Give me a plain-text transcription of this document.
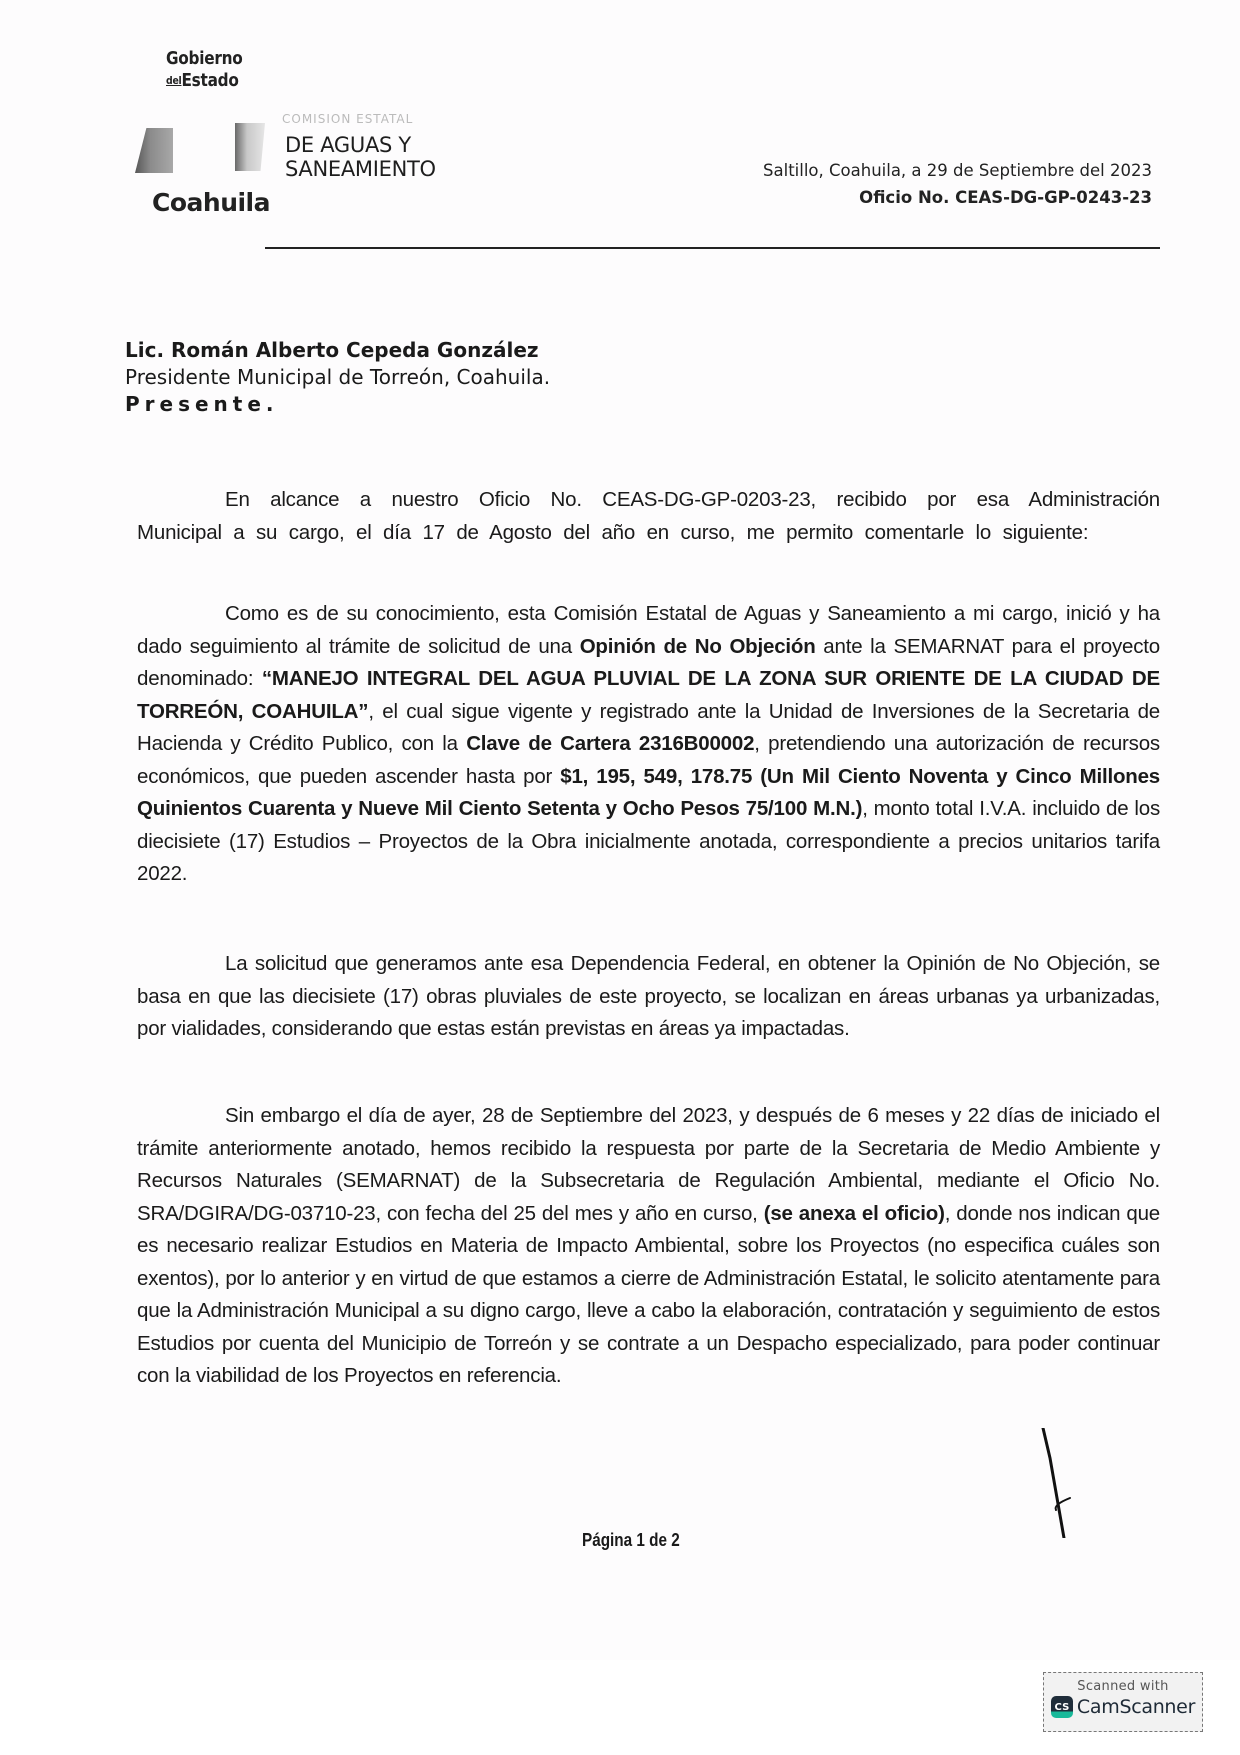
Gobierno
delEstado
Coahuila
COMISION ESTATAL
DE AGUAS Y
SANEAMIENTO	Saltillo, Coahuila, a 29 de Septiembre del 2023
Oficio No. CEAS-DG-GP-0243-23
Lic. Román Alberto Cepeda González
Presidente Municipal de Torreón, Coahuila.
Presente.
En alcance a nuestro Oficio No. CEAS-DG-GP-0203-23, recibido por esa Administración Municipal a su cargo, el día 17 de Agosto del año en curso, me permito comentarle lo siguiente:
Como es de su conocimiento, esta Comisión Estatal de Aguas y Saneamiento a mi cargo, inició y ha dado seguimiento al trámite de solicitud de una Opinión de No Objeción ante la SEMARNAT para el proyecto denominado: “MANEJO INTEGRAL DEL AGUA PLUVIAL DE LA ZONA SUR ORIENTE DE LA CIUDAD DE TORREÓN, COAHUILA”, el cual sigue vigente y registrado ante la Unidad de Inversiones de la Secretaria de Hacienda y Crédito Publico, con la Clave de Cartera 2316B00002, pretendiendo una autorización de recursos económicos, que pueden ascender hasta por $1, 195, 549, 178.75 (Un Mil Ciento Noventa y Cinco Millones Quinientos Cuarenta y Nueve Mil Ciento Setenta y Ocho Pesos 75/100 M.N.), monto total I.V.A. incluido de los diecisiete (17) Estudios – Proyectos de la Obra inicialmente anotada, correspondiente a precios unitarios tarifa 2022.
La solicitud que generamos ante esa Dependencia Federal, en obtener la Opinión de No Objeción, se basa en que las diecisiete (17) obras pluviales de este proyecto, se localizan en áreas urbanas ya urbanizadas, por vialidades, considerando que estas están previstas en áreas ya impactadas.
Sin embargo el día de ayer, 28 de Septiembre del 2023, y después de 6 meses y 22 días de iniciado el trámite anteriormente anotado, hemos recibido la respuesta por parte de la Secretaria de Medio Ambiente y Recursos Naturales (SEMARNAT) de la Subsecretaria de Regulación Ambiental, mediante el Oficio No. SRA/DGIRA/DG-03710-23, con fecha del 25 del mes y año en curso, (se anexa el oficio), donde nos indican que es necesario realizar Estudios en Materia de Impacto Ambiental, sobre los Proyectos (no especifica cuáles son exentos), por lo anterior y en virtud de que estamos a cierre de Administración Estatal, le solicito atentamente para que la Administración Municipal a su digno cargo, lleve a cabo la elaboración, contratación y seguimiento de estos Estudios por cuenta del Municipio de Torreón y se contrate a un Despacho especializado, para poder continuar con la viabilidad de los Proyectos en referencia.
Página 1 de 2
Scanned with
CS CamScanner
